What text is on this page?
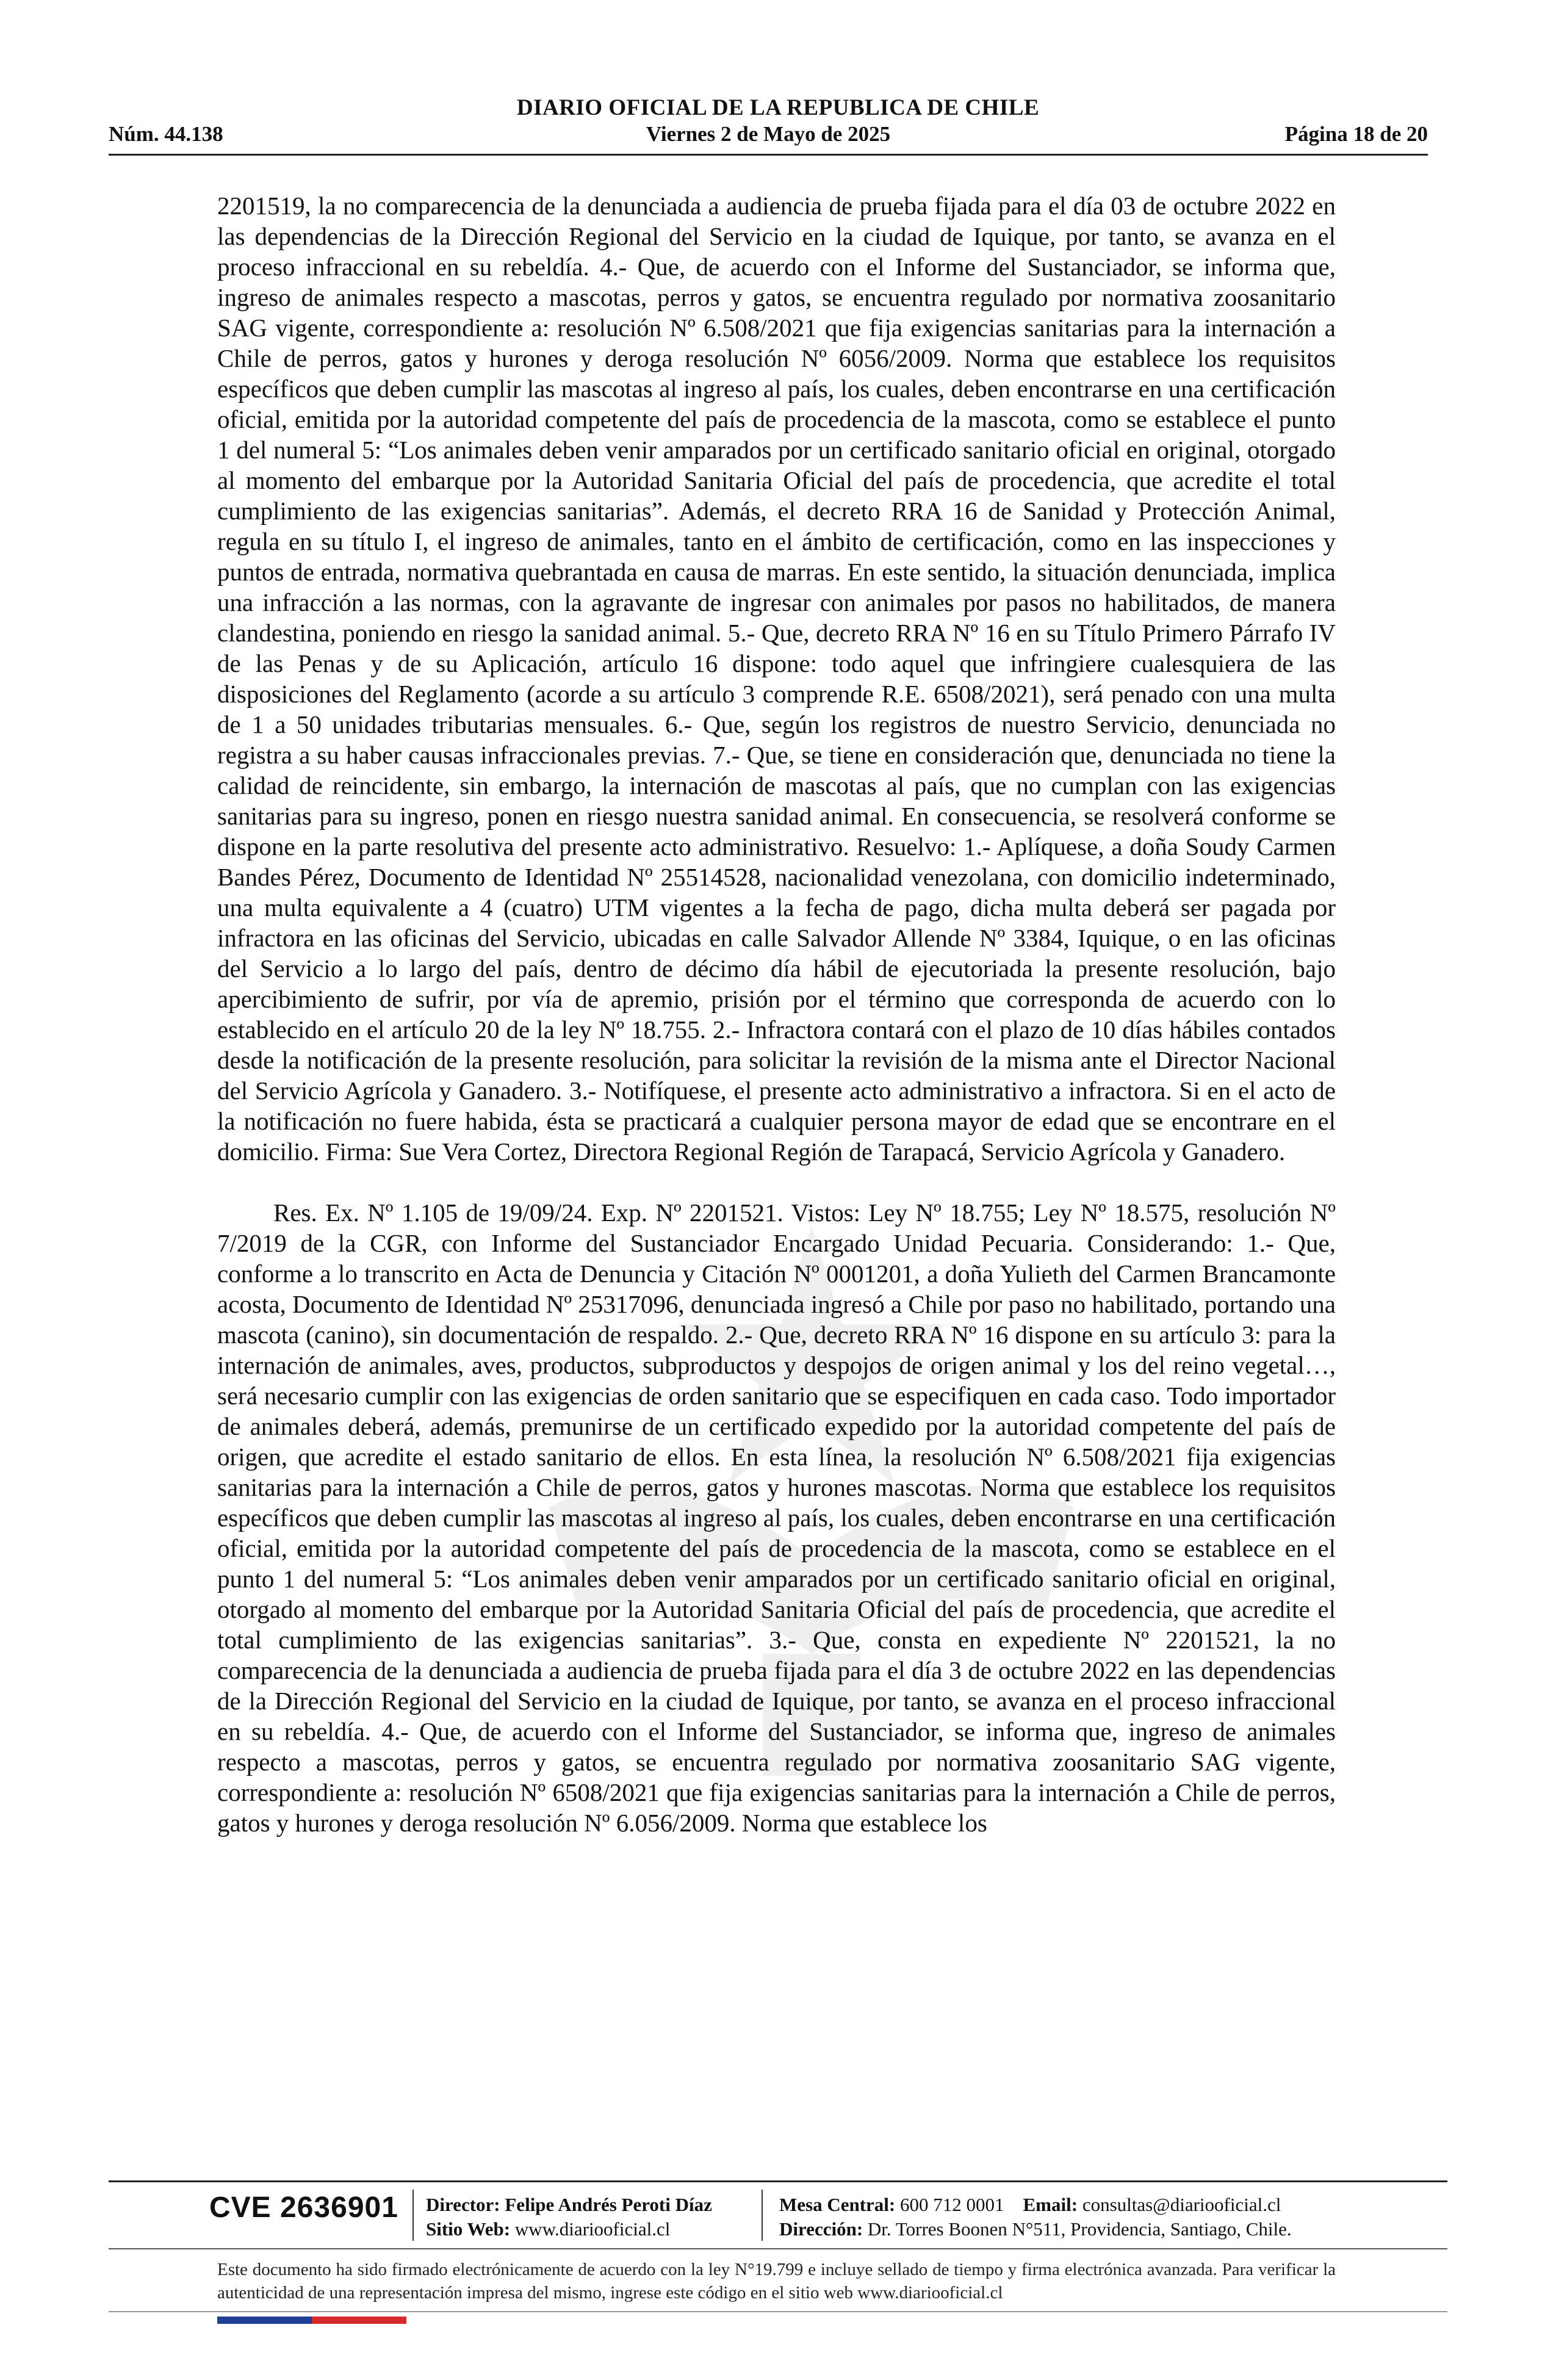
DIARIO OFICIAL DE LA REPUBLICA DE CHILE
Núm. 44.138	Viernes 2 de Mayo de 2025	Página 18 de 20

2201519, la no comparecencia de la denunciada a audiencia de prueba fijada para el día 03 de octubre 2022 en las dependencias de la Dirección Regional del Servicio en la ciudad de Iquique, por tanto, se avanza en el proceso infraccional en su rebeldía. 4.- Que, de acuerdo con el Informe del Sustanciador, se informa que, ingreso de animales respecto a mascotas, perros y gatos, se encuentra regulado por normativa zoosanitario SAG vigente, correspondiente a: resolución Nº 6.508/2021 que fija exigencias sanitarias para la internación a Chile de perros, gatos y hurones y deroga resolución Nº 6056/2009. Norma que establece los requisitos específicos que deben cumplir las mascotas al ingreso al país, los cuales, deben encontrarse en una certificación oficial, emitida por la autoridad competente del país de procedencia de la mascota, como se establece el punto 1 del numeral 5: “Los animales deben venir amparados por un certificado sanitario oficial en original, otorgado al momento del embarque por la Autoridad Sanitaria Oficial del país de procedencia, que acredite el total cumplimiento de las exigencias sanitarias”. Además, el decreto RRA 16 de Sanidad y Protección Animal, regula en su título I, el ingreso de animales, tanto en el ámbito de certificación, como en las inspecciones y puntos de entrada, normativa quebrantada en causa de marras. En este sentido, la situación denunciada, implica una infracción a las normas, con la agravante de ingresar con animales por pasos no habilitados, de manera clandestina, poniendo en riesgo la sanidad animal. 5.- Que, decreto RRA Nº 16 en su Título Primero Párrafo IV de las Penas y de su Aplicación, artículo 16 dispone: todo aquel que infringiere cualesquiera de las disposiciones del Reglamento (acorde a su artículo 3 comprende R.E. 6508/2021), será penado con una multa de 1 a 50 unidades tributarias mensuales. 6.- Que, según los registros de nuestro Servicio, denunciada no registra a su haber causas infraccionales previas. 7.- Que, se tiene en consideración que, denunciada no tiene la calidad de reincidente, sin embargo, la internación de mascotas al país, que no cumplan con las exigencias sanitarias para su ingreso, ponen en riesgo nuestra sanidad animal. En consecuencia, se resolverá conforme se dispone en la parte resolutiva del presente acto administrativo. Resuelvo: 1.- Aplíquese, a doña Soudy Carmen Bandes Pérez, Documento de Identidad Nº 25514528, nacionalidad venezolana, con domicilio indeterminado, una multa equivalente a 4 (cuatro) UTM vigentes a la fecha de pago, dicha multa deberá ser pagada por infractora en las oficinas del Servicio, ubicadas en calle Salvador Allende Nº 3384, Iquique, o en las oficinas del Servicio a lo largo del país, dentro de décimo día hábil de ejecutoriada la presente resolución, bajo apercibimiento de sufrir, por vía de apremio, prisión por el término que corresponda de acuerdo con lo establecido en el artículo 20 de la ley Nº 18.755. 2.- Infractora contará con el plazo de 10 días hábiles contados desde la notificación de la presente resolución, para solicitar la revisión de la misma ante el Director Nacional del Servicio Agrícola y Ganadero. 3.- Notifíquese, el presente acto administrativo a infractora. Si en el acto de la notificación no fuere habida, ésta se practicará a cualquier persona mayor de edad que se encontrare en el domicilio. Firma: Sue Vera Cortez, Directora Regional Región de Tarapacá, Servicio Agrícola y Ganadero.

Res. Ex. Nº 1.105 de 19/09/24. Exp. Nº 2201521. Vistos: Ley Nº 18.755; Ley Nº 18.575, resolución Nº 7/2019 de la CGR, con Informe del Sustanciador Encargado Unidad Pecuaria. Considerando: 1.- Que, conforme a lo transcrito en Acta de Denuncia y Citación Nº 0001201, a doña Yulieth del Carmen Brancamonte acosta, Documento de Identidad Nº 25317096, denunciada ingresó a Chile por paso no habilitado, portando una mascota (canino), sin documentación de respaldo. 2.- Que, decreto RRA Nº 16 dispone en su artículo 3: para la internación de animales, aves, productos, subproductos y despojos de origen animal y los del reino vegetal…, será necesario cumplir con las exigencias de orden sanitario que se especifiquen en cada caso. Todo importador de animales deberá, además, premunirse de un certificado expedido por la autoridad competente del país de origen, que acredite el estado sanitario de ellos. En esta línea, la resolución Nº 6.508/2021 fija exigencias sanitarias para la internación a Chile de perros, gatos y hurones mascotas. Norma que establece los requisitos específicos que deben cumplir las mascotas al ingreso al país, los cuales, deben encontrarse en una certificación oficial, emitida por la autoridad competente del país de procedencia de la mascota, como se establece en el punto 1 del numeral 5: “Los animales deben venir amparados por un certificado sanitario oficial en original, otorgado al momento del embarque por la Autoridad Sanitaria Oficial del país de procedencia, que acredite el total cumplimiento de las exigencias sanitarias”. 3.- Que, consta en expediente Nº 2201521, la no comparecencia de la denunciada a audiencia de prueba fijada para el día 3 de octubre 2022 en las dependencias de la Dirección Regional del Servicio en la ciudad de Iquique, por tanto, se avanza en el proceso infraccional en su rebeldía. 4.- Que, de acuerdo con el Informe del Sustanciador, se informa que, ingreso de animales respecto a mascotas, perros y gatos, se encuentra regulado por normativa zoosanitario SAG vigente, correspondiente a: resolución Nº 6508/2021 que fija exigencias sanitarias para la internación a Chile de perros, gatos y hurones y deroga resolución Nº 6.056/2009. Norma que establece los

CVE 2636901 Director: Felipe Andrés Peroti Díaz
Sitio Web: www.diariooficial.cl
Mesa Central: 600 712 0001 Email: consultas@diariooficial.cl
Dirección: Dr. Torres Boonen N°511, Providencia, Santiago, Chile.
Este documento ha sido firmado electrónicamente de acuerdo con la ley N°19.799 e incluye sellado de tiempo y firma electrónica avanzada. Para verificar la autenticidad de una representación impresa del mismo, ingrese este código en el sitio web www.diariooficial.cl
